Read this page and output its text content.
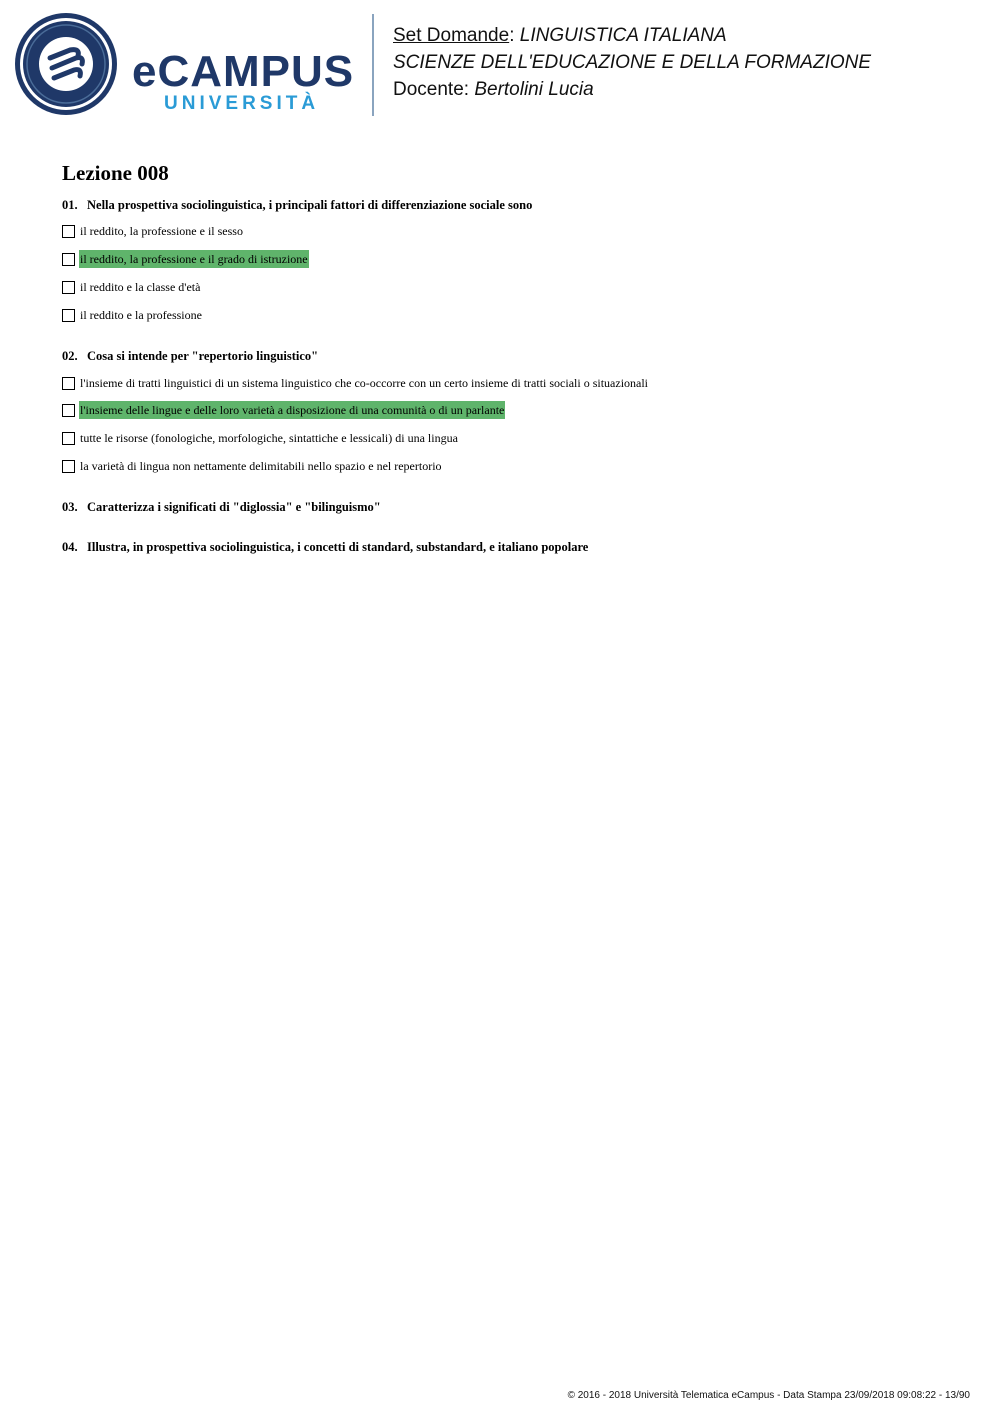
eCAMPUS
UNIVERSITÀ
Set Domande: LINGUISTICA ITALIANA
SCIENZE DELL'EDUCAZIONE E DELLA FORMAZIONE
Docente: Bertolini Lucia
Lezione 008
01. Nella prospettiva sociolinguistica, i principali fattori di differenziazione sociale sono
il reddito, la professione e il sesso
il reddito, la professione e il grado di istruzione
il reddito e la classe d'età
il reddito e la professione
02. Cosa si intende per "repertorio linguistico"
l'insieme di tratti linguistici di un sistema linguistico che co-occorre con un certo insieme di tratti sociali o situazionali
l'insieme delle lingue e delle loro varietà a disposizione di una comunità o di un parlante
tutte le risorse (fonologiche, morfologiche, sintattiche e lessicali) di una lingua
la varietà di lingua non nettamente delimitabili nello spazio e nel repertorio
03. Caratterizza i significati di "diglossia" e "bilinguismo"
04. Illustra, in prospettiva sociolinguistica, i concetti di standard, substandard, e italiano popolare
© 2016 - 2018 Università Telematica eCampus - Data Stampa 23/09/2018 09:08:22 - 13/90
